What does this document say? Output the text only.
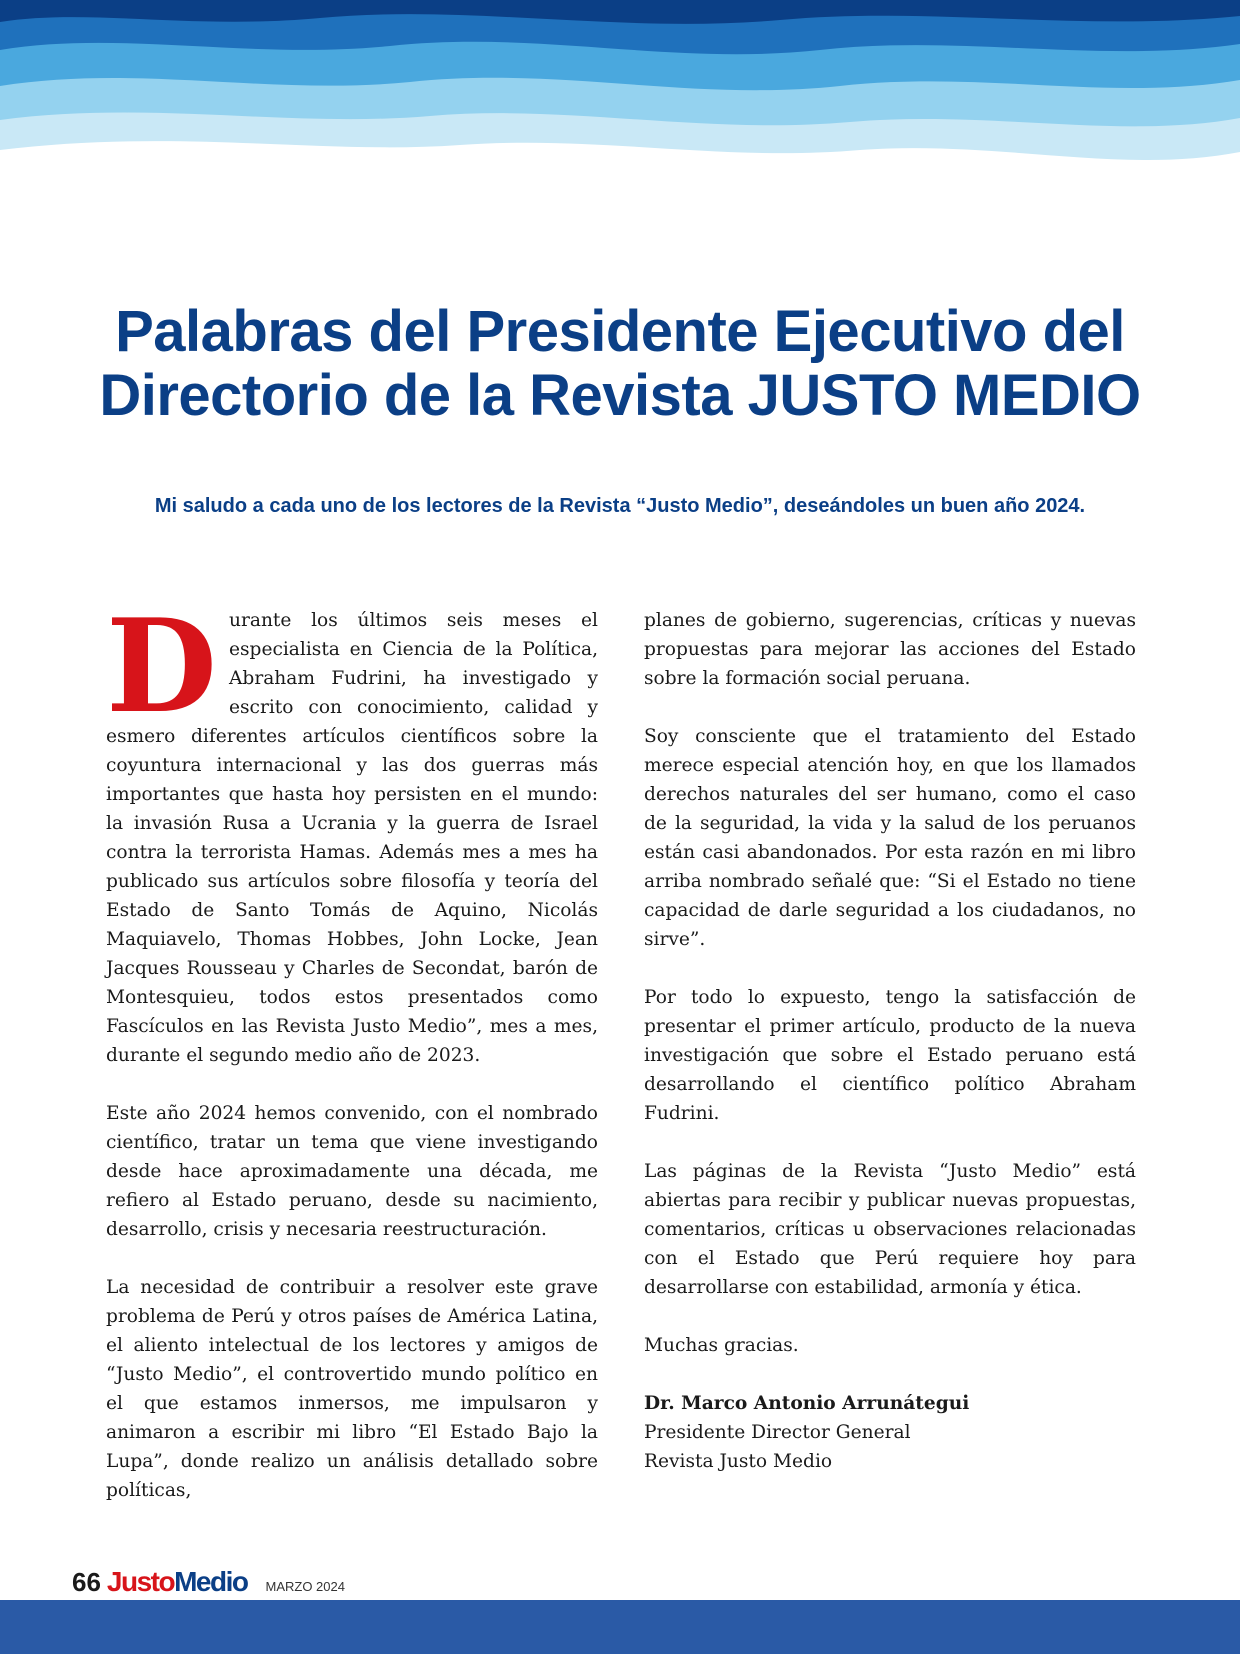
Palabras del Presidente Ejecutivo del
Directorio de la Revista JUSTO MEDIO
Mi saludo a cada uno de los lectores de la Revista “Justo Medio”, deseándoles un buen año 2024.

Durante los últimos seis meses el especialista en Ciencia de la Política, Abraham Fudrini, ha investigado y escrito con conocimiento, calidad y esmero diferentes artículos científicos sobre la coyuntura internacional y las dos guerras más importantes que hasta hoy persisten en el mundo: la invasión Rusa a Ucrania y la guerra de Israel contra la terrorista Hamas. Además mes a mes ha publicado sus artículos sobre filosofía y teoría del Estado de Santo Tomás de Aquino, Nicolás Maquiavelo, Thomas Hobbes, John Locke, Jean Jacques Rousseau y Charles de Secondat, barón de Montesquieu, todos estos presentados como Fascículos en las Revista Justo Medio”, mes a mes, durante el segundo medio año de 2023.

Este año 2024 hemos convenido, con el nombrado científico, tratar un tema que viene investigando desde hace aproximadamente una década, me refiero al Estado peruano, desde su nacimiento, desarrollo, crisis y necesaria reestructuración.

La necesidad de contribuir a resolver este grave problema de Perú y otros países de América Latina, el aliento intelectual de los lectores y amigos de “Justo Medio”, el controvertido mundo político en el que estamos inmersos, me impulsaron y animaron a escribir mi libro “El Estado Bajo la Lupa”, donde realizo un análisis detallado sobre políticas,

planes de gobierno, sugerencias, críticas y nuevas propuestas para mejorar las acciones del Estado sobre la formación social peruana.

Soy consciente que el tratamiento del Estado merece especial atención hoy, en que los llamados derechos naturales del ser humano, como el caso de la seguridad, la vida y la salud de los peruanos están casi abandonados. Por esta razón en mi libro arriba nombrado señalé que: “Si el Estado no tiene capacidad de darle seguridad a los ciudadanos, no sirve”.

Por todo lo expuesto, tengo la satisfacción de presentar el primer artículo, producto de la nueva investigación que sobre el Estado peruano está desarrollando el científico político Abraham Fudrini.

Las páginas de la Revista “Justo Medio” está abiertas para recibir y publicar nuevas propuestas, comentarios, críticas u observaciones relacionadas con el Estado que Perú requiere hoy para desarrollarse con estabilidad, armonía y ética.

Muchas gracias.

Dr. Marco Antonio Arrunátegui

Presidente Director General

Revista Justo Medio

66 JustoMedio MARZO 2024
